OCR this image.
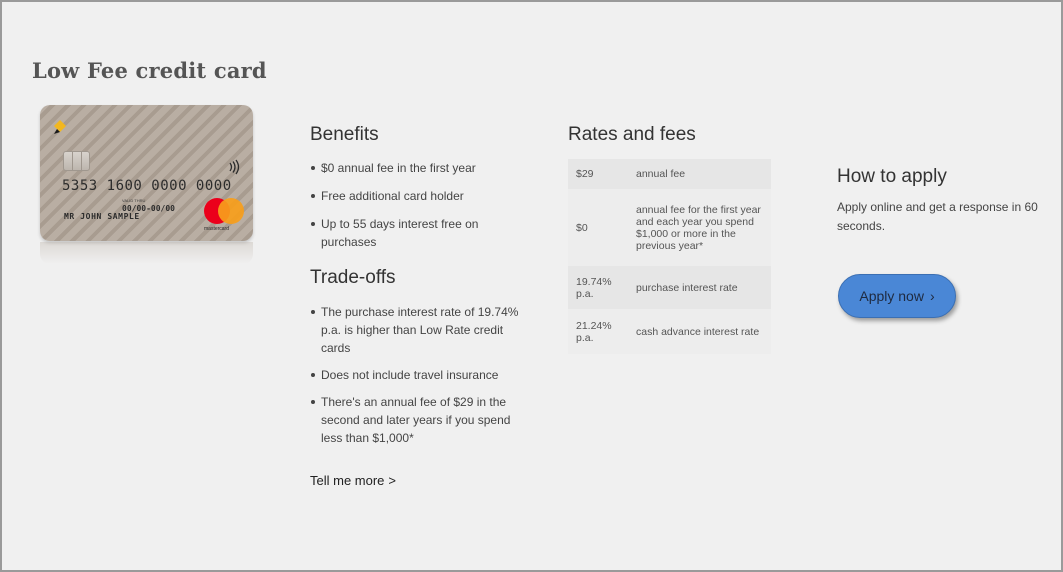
Low Fee credit card
5353 1600 0000 0000
VALID THRU
00/00-00/00
MR JOHN SAMPLE
mastercard
Benefits
$0 annual fee in the first year
Free additional card holder
Up to 55 days interest free on purchases
Trade-offs
The purchase interest rate of 19.74% p.a. is higher than Low Rate credit cards
Does not include travel insurance
There's an annual fee of $29 in the second and later years if you spend less than $1,000*
Tell me more >
Rates and fees
$29	annual fee
$0	annual fee for the first year and each year you spend $1,000 or more in the previous year*
19.74% p.a.	purchase interest rate
21.24% p.a.	cash advance interest rate
How to apply

Apply online and get a response in 60 seconds.

Apply now ›
